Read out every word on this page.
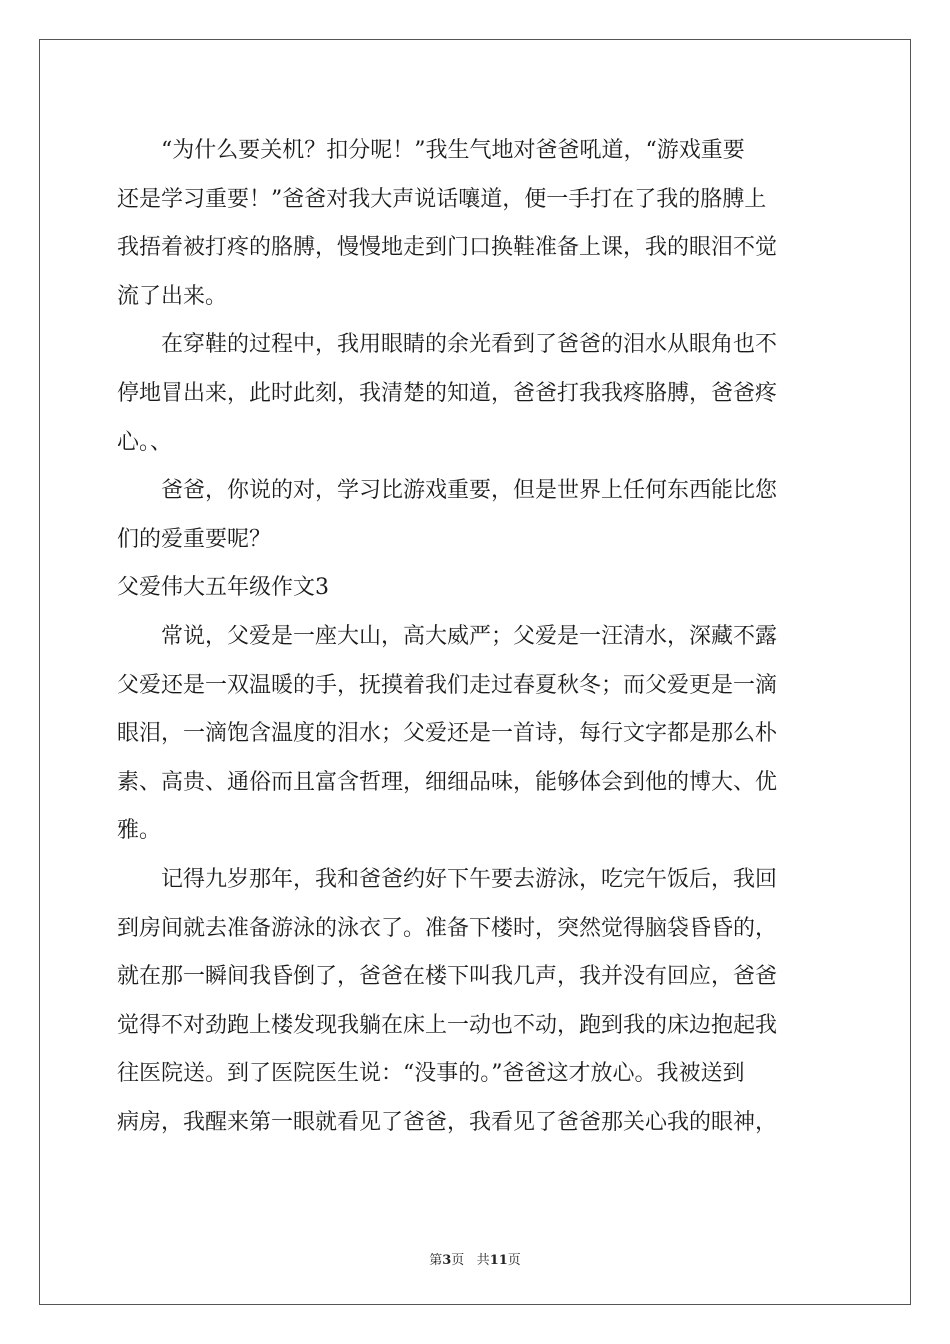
“为什么要关机？扣分呢！”我生气地对爸爸吼道，“游戏重要
还是学习重要！”爸爸对我大声说话嚷道，便一手打在了我的胳膊上
我捂着被打疼的胳膊，慢慢地走到门口换鞋准备上课，我的眼泪不觉
流了出来。
在穿鞋的过程中，我用眼睛的余光看到了爸爸的泪水从眼角也不
停地冒出来，此时此刻，我清楚的知道，爸爸打我我疼胳膊，爸爸疼
心。、
爸爸，你说的对，学习比游戏重要，但是世界上任何东西能比您
们的爱重要呢？
父爱伟大五年级作文3
常说，父爱是一座大山，高大威严；父爱是一汪清水，深藏不露
父爱还是一双温暖的手，抚摸着我们走过春夏秋冬；而父爱更是一滴
眼泪，一滴饱含温度的泪水；父爱还是一首诗，每行文字都是那么朴
素、高贵、通俗而且富含哲理，细细品味，能够体会到他的博大、优
雅。
记得九岁那年，我和爸爸约好下午要去游泳，吃完午饭后，我回
到房间就去准备游泳的泳衣了。准备下楼时，突然觉得脑袋昏昏的，
就在那一瞬间我昏倒了，爸爸在楼下叫我几声，我并没有回应，爸爸
觉得不对劲跑上楼发现我躺在床上一动也不动，跑到我的床边抱起我
往医院送。到了医院医生说：“没事的。”爸爸这才放心。我被送到
病房，我醒来第一眼就看见了爸爸，我看见了爸爸那关心我的眼神，
第3页 共11页
